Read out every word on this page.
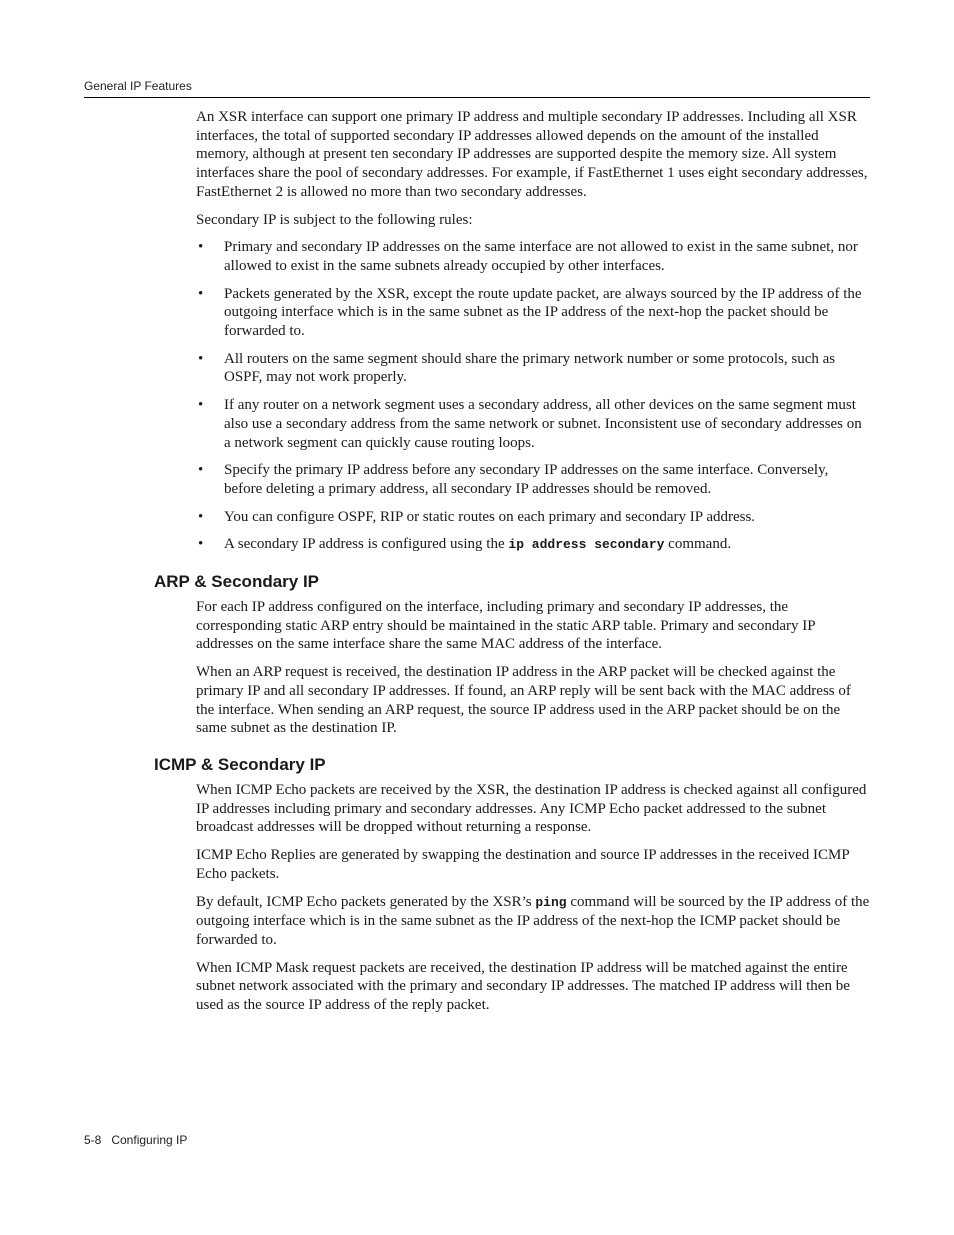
General IP Features

An XSR interface can support one primary IP address and multiple secondary IP addresses. Including all XSR interfaces, the total of supported secondary IP addresses allowed depends on the amount of the installed memory, although at present ten secondary IP addresses are supported despite the memory size. All system interfaces share the pool of secondary addresses. For example, if FastEthernet 1 uses eight secondary addresses, FastEthernet 2 is allowed no more than two secondary addresses.

Secondary IP is subject to the following rules:

• Primary and secondary IP addresses on the same interface are not allowed to exist in the same subnet, nor allowed to exist in the same subnets already occupied by other interfaces.
• Packets generated by the XSR, except the route update packet, are always sourced by the IP address of the outgoing interface which is in the same subnet as the IP address of the next-hop the packet should be forwarded to.
• All routers on the same segment should share the primary network number or some protocols, such as OSPF, may not work properly.
• If any router on a network segment uses a secondary address, all other devices on the same segment must also use a secondary address from the same network or subnet. Inconsistent use of secondary addresses on a network segment can quickly cause routing loops.
• Specify the primary IP address before any secondary IP addresses on the same interface. Conversely, before deleting a primary address, all secondary IP addresses should be removed.
• You can configure OSPF, RIP or static routes on each primary and secondary IP address.
• A secondary IP address is configured using the ip address secondary command.
ARP & Secondary IP

For each IP address configured on the interface, including primary and secondary IP addresses, the corresponding static ARP entry should be maintained in the static ARP table. Primary and secondary IP addresses on the same interface share the same MAC address of the interface.

When an ARP request is received, the destination IP address in the ARP packet will be checked against the primary IP and all secondary IP addresses. If found, an ARP reply will be sent back with the MAC address of the interface. When sending an ARP request, the source IP address used in the ARP packet should be on the same subnet as the destination IP.

ICMP & Secondary IP

When ICMP Echo packets are received by the XSR, the destination IP address is checked against all configured IP addresses including primary and secondary addresses. Any ICMP Echo packet addressed to the subnet broadcast addresses will be dropped without returning a response.

ICMP Echo Replies are generated by swapping the destination and source IP addresses in the received ICMP Echo packets.

By default, ICMP Echo packets generated by the XSR’s ping command will be sourced by the IP address of the outgoing interface which is in the same subnet as the IP address of the next-hop the ICMP packet should be forwarded to.

When ICMP Mask request packets are received, the destination IP address will be matched against the entire subnet network associated with the primary and secondary IP addresses. The matched IP address will then be used as the source IP address of the reply packet.

5-8 Configuring IP
